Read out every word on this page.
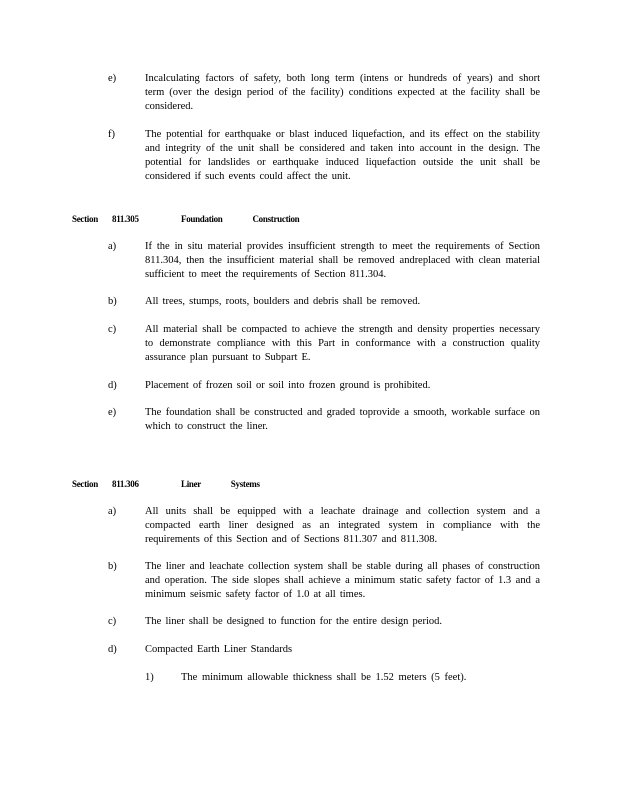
e)	Incalculating factors of safety, both long term (intens or hundreds of years) and short term (over the design period of the facility) conditions expected at the facility shall be considered.
f)	The potential for earthquake or blast induced liquefaction, and its effect on the stability and integrity of the unit shall be considered and taken into account in the design. The potential for landslides or earthquake induced liquefaction outside the unit shall be considered if such events could affect the unit.
Section 811.305	Foundation Construction
a)	If the in situ material provides insufficient strength to meet the requirements of Section 811.304, then the insufficient material shall be removed andreplaced with clean material sufficient to meet the requirements of Section 811.304.
b)	All trees, stumps, roots, boulders and debris shall be removed.
c)	All material shall be compacted to achieve the strength and density properties necessary to demonstrate compliance with this Part in conformance with a construction quality assurance plan pursuant to Subpart E.
d)	Placement of frozen soil or soil into frozen ground is prohibited.
e)	The foundation shall be constructed and graded toprovide a smooth, workable surface on which to construct the liner.
Section 811.306	Liner Systems
a)	All units shall be equipped with a leachate drainage and collection system and a compacted earth liner designed as an integrated system in compliance with the requirements of this Section and of Sections 811.307 and 811.308.
b)	The liner and leachate collection system shall be stable during all phases of construction and operation. The side slopes shall achieve a minimum static safety factor of 1.3 and a minimum seismic safety factor of 1.0 at all times.
c)	The liner shall be designed to function for the entire design period.
d)	Compacted Earth Liner Standards
1)	The minimum allowable thickness shall be 1.52 meters (5 feet).
